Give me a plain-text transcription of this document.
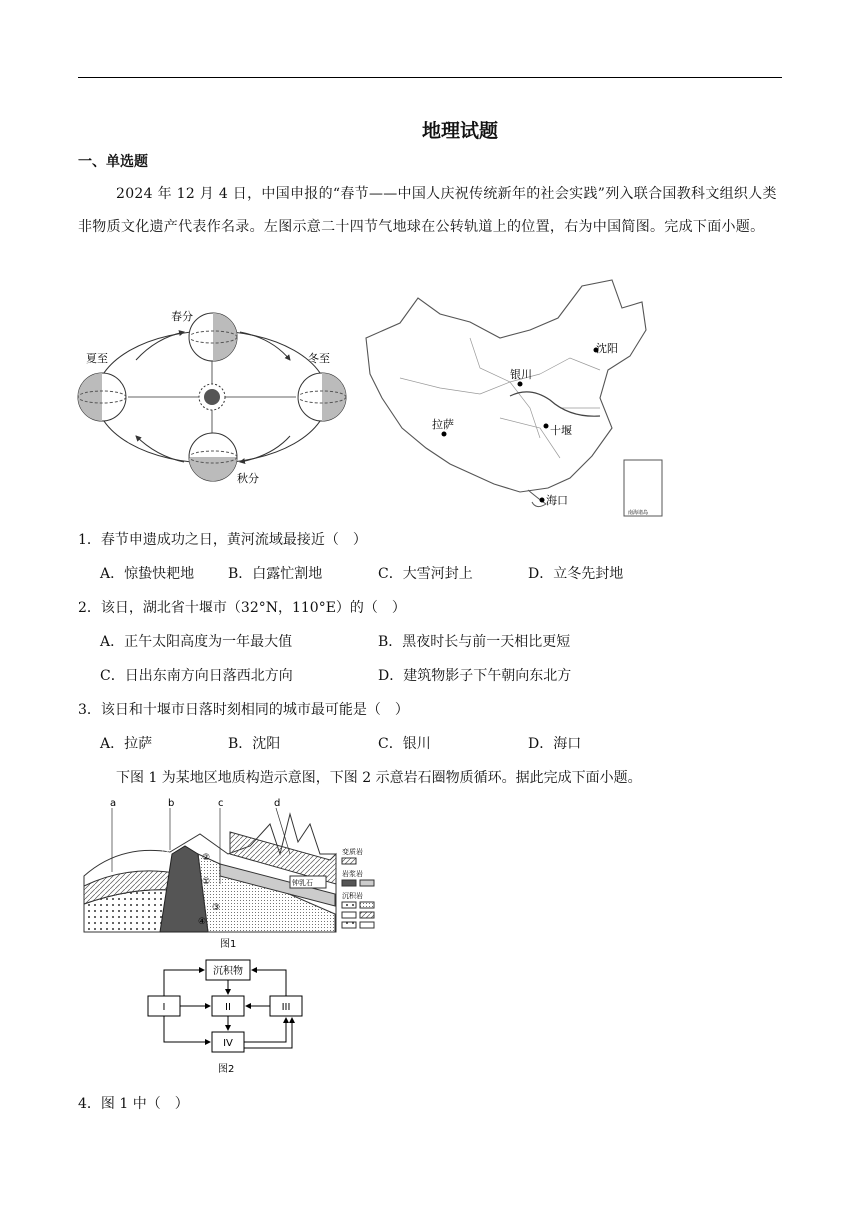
地理试题
一、单选题
2024 年 12 月 4 日，中国申报的“春节——中国人庆祝传统新年的社会实践”列入联合国教科文组织人类非物质文化遗产代表作名录。左图示意二十四节气地球在公转轨道上的位置，右为中国简图。完成下面小题。
春分
夏至	冬至
秋分
南海诸岛
沈阳
银川
拉萨	十堰
海口
1．春节申遗成功之日，黄河流域最接近（　）
A．惊蛰快耙地 B．白露忙割地	C．大雪河封上	D．立冬先封地
2．该日，湖北省十堰市（32°N，110°E）的（　）
A．正午太阳高度为一年最大值	B．黑夜时长与前一天相比更短
C．日出东南方向日落西北方向	D．建筑物影子下午朝向东北方
3．该日和十堰市日落时刻相同的城市最可能是（　）
A．拉萨	B．沈阳	C．银川	D．海口
下图 1 为某地区地质构造示意图，下图 2 示意岩石圈物质循环。据此完成下面小题。
钟乳石
a	b	c	d
①
②
③
④
⑤	变质岩
岩浆岩
沉积岩
图1
沉积物
I	II	III
IV
图2
4．图 1 中（　）
